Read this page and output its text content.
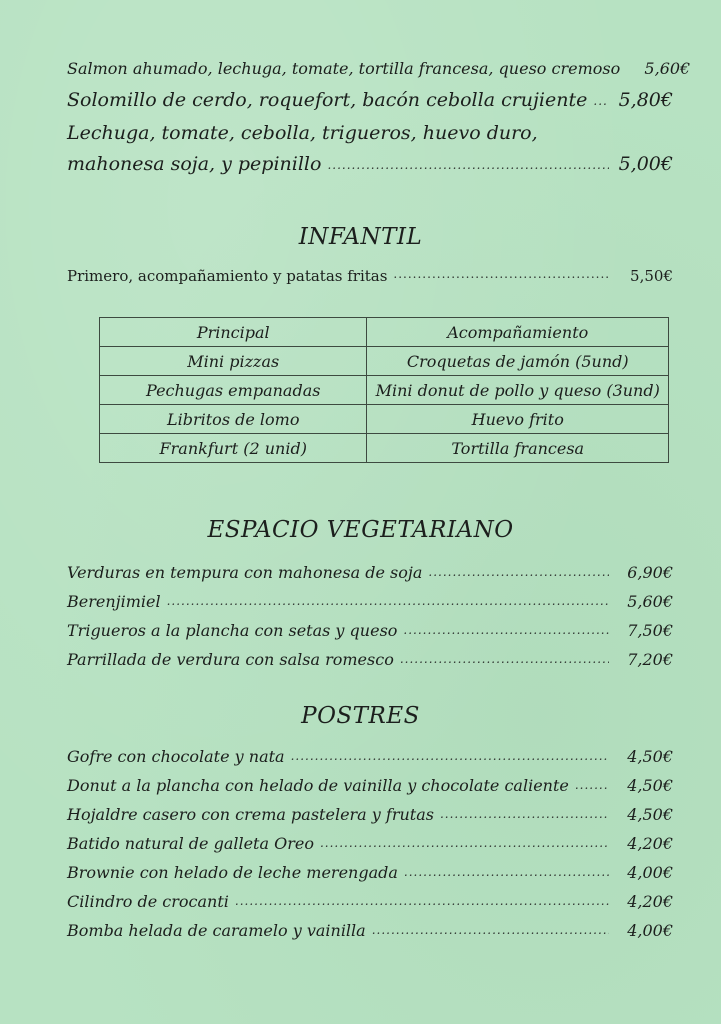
Salmon ahumado, lechuga, tomate, tortilla francesa, queso cremoso	5,60€
Solomillo de cerdo, roquefort, bacón cebolla crujiente ..... 5,80€
Lechuga, tomate, cebolla, trigueros, huevo duro,
mahonesa soja, y pepinillo .....	5,00€
INFANTIL
Primero, acompañamiento y patatas fritas .....	5,50€
Principal	Acompañamiento
Mini pizzas	Croquetas de jamón (5und)
Pechugas empanadas	Mini donut de pollo y queso (3und)
Libritos de lomo	Huevo frito
Frankfurt (2 unid)	Tortilla francesa
ESPACIO VEGETARIANO
Verduras en tempura con mahonesa de soja .....	6,90€
Berenjimiel .....	5,60€
Trigueros a la plancha con setas y queso .....	7,50€
Parrillada de verdura con salsa romesco .....	7,20€
POSTRES
Gofre con chocolate y nata .....	4,50€
Donut a la plancha con helado de vainilla y chocolate caliente .....	4,50€
Hojaldre casero con crema pastelera y frutas .....	4,50€
Batido natural de galleta Oreo .....	4,20€
Brownie con helado de leche merengada .....	4,00€
Cilindro de crocanti .....	4,20€
Bomba helada de caramelo y vainilla .....	4,00€
